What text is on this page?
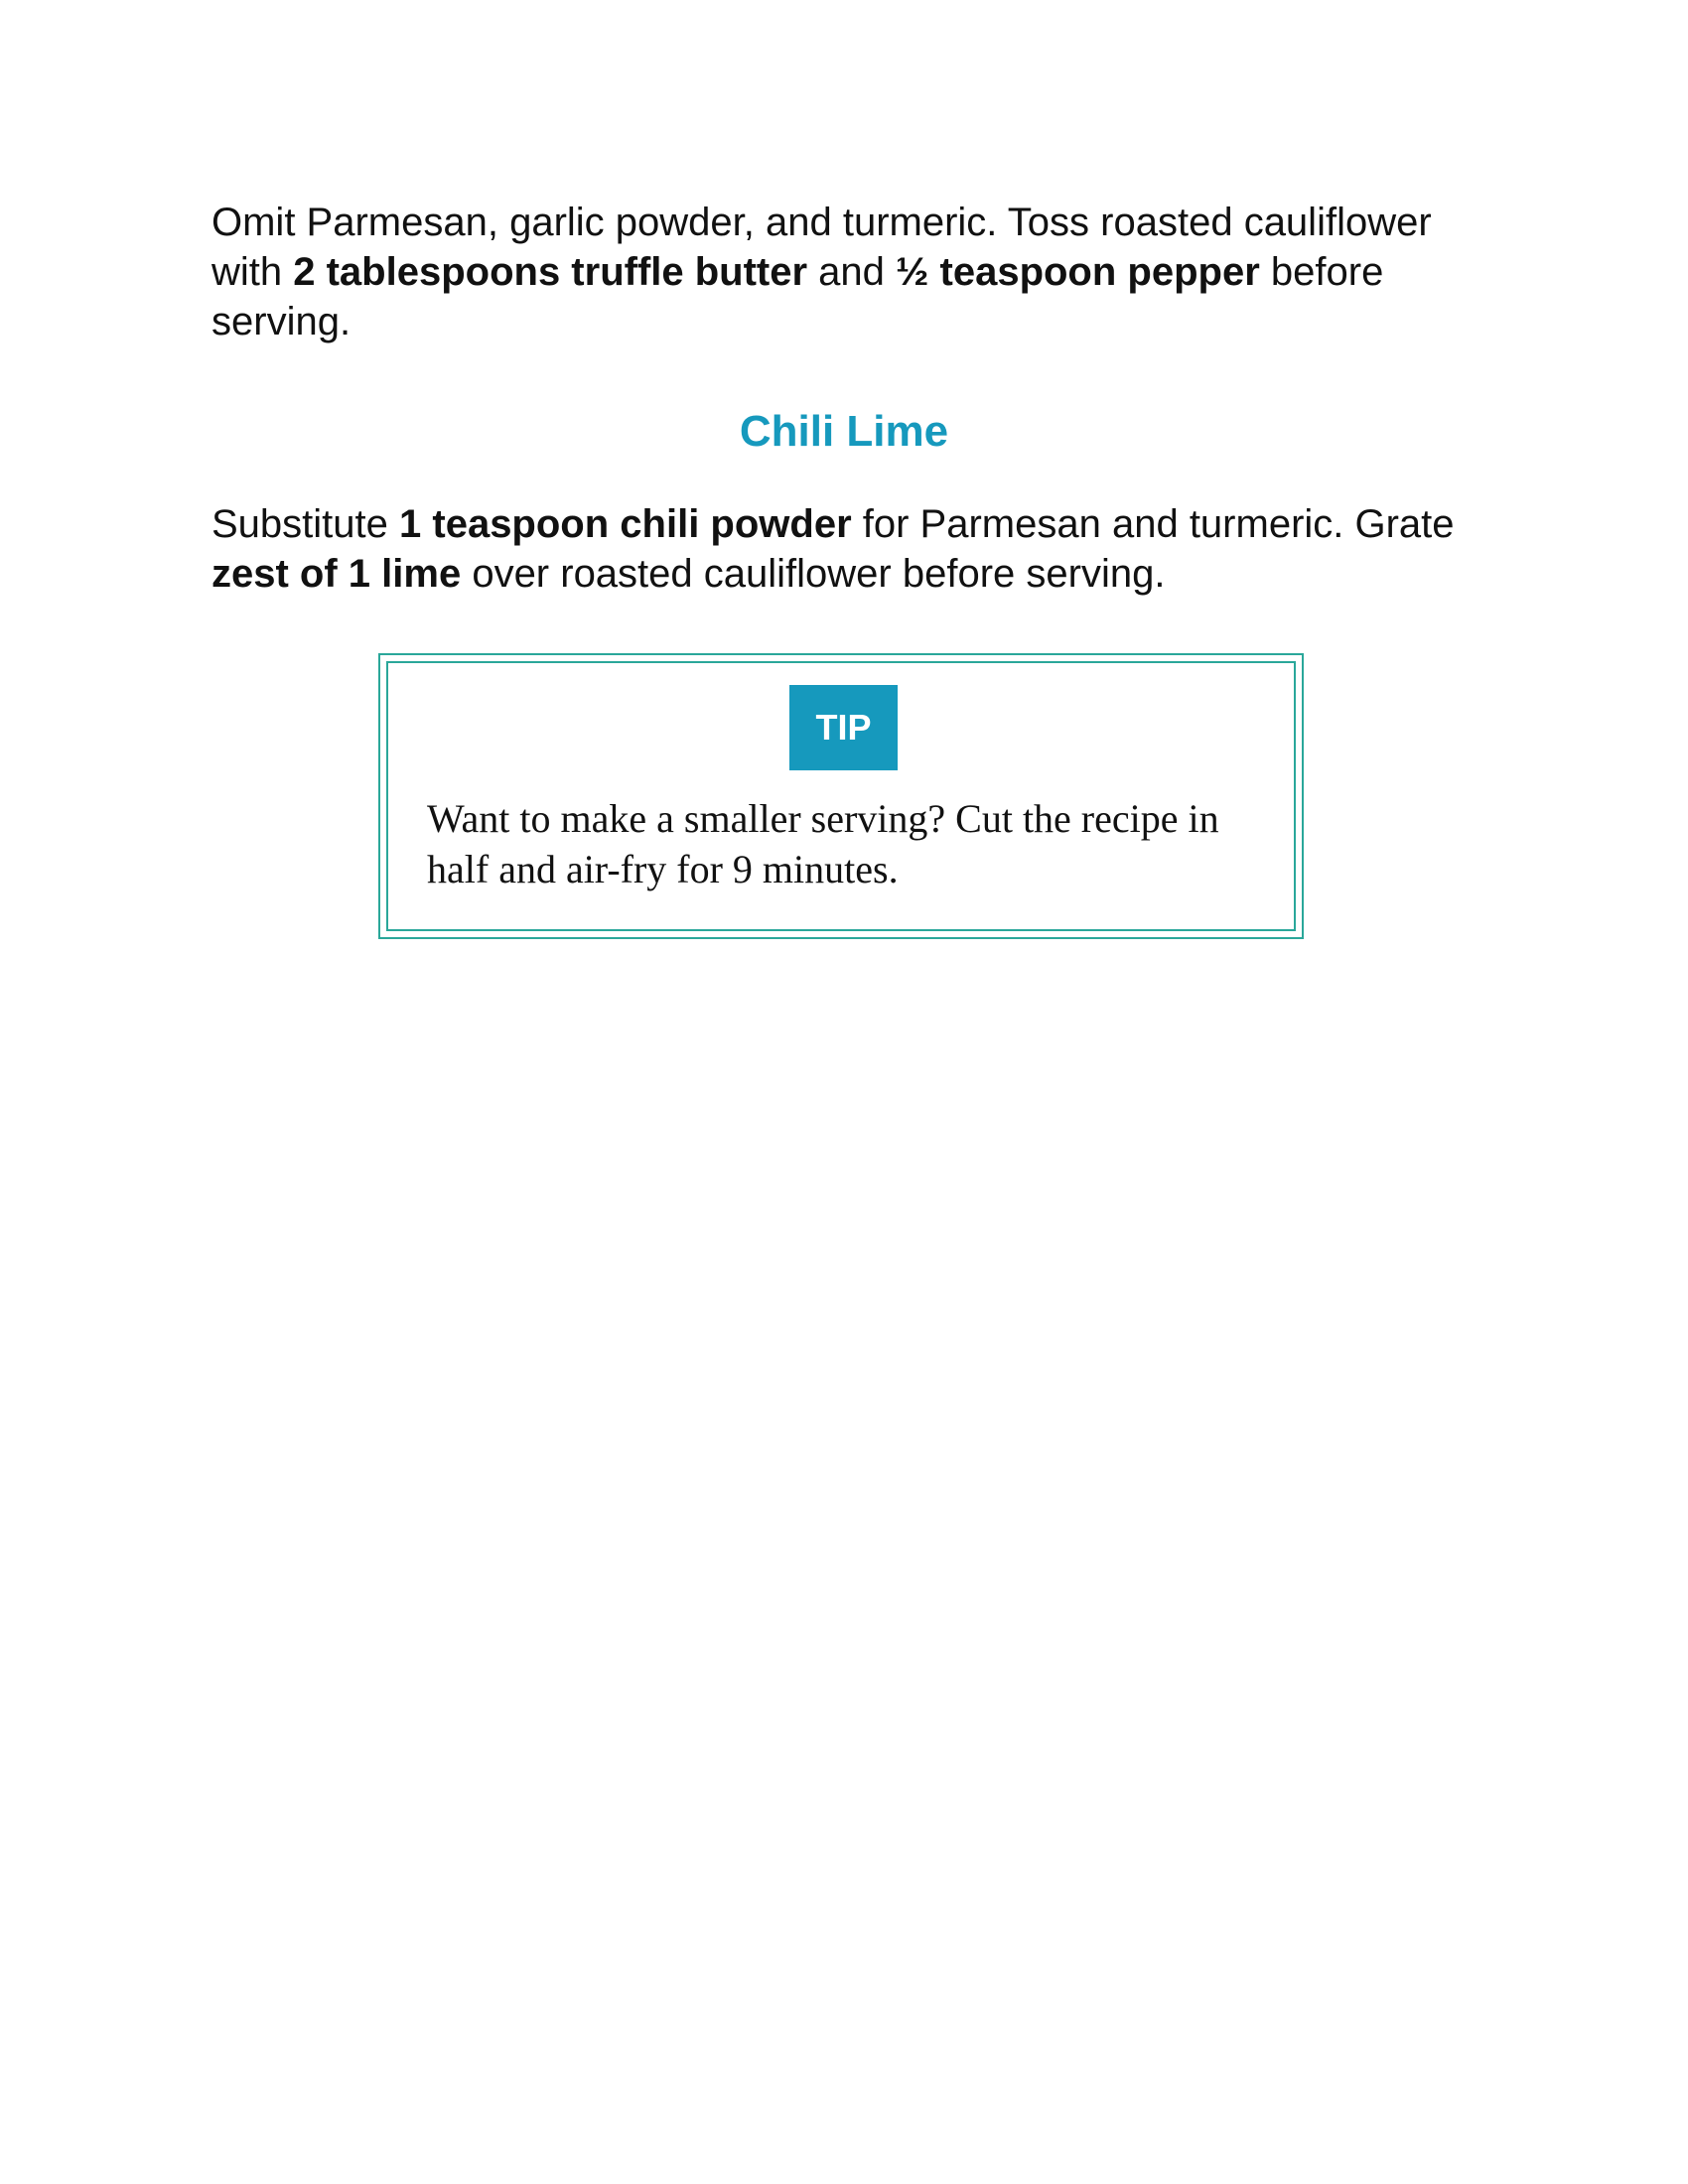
Omit Parmesan, garlic powder, and turmeric. Toss roasted cauliflower with 2 tablespoons truffle butter and ½ teaspoon pepper before serving.

Chili Lime

Substitute 1 teaspoon chili powder for Parmesan and turmeric. Grate zest of 1 lime over roasted cauliflower before serving.

TIP

Want to make a smaller serving? Cut the recipe in half and air-fry for 9 minutes.
